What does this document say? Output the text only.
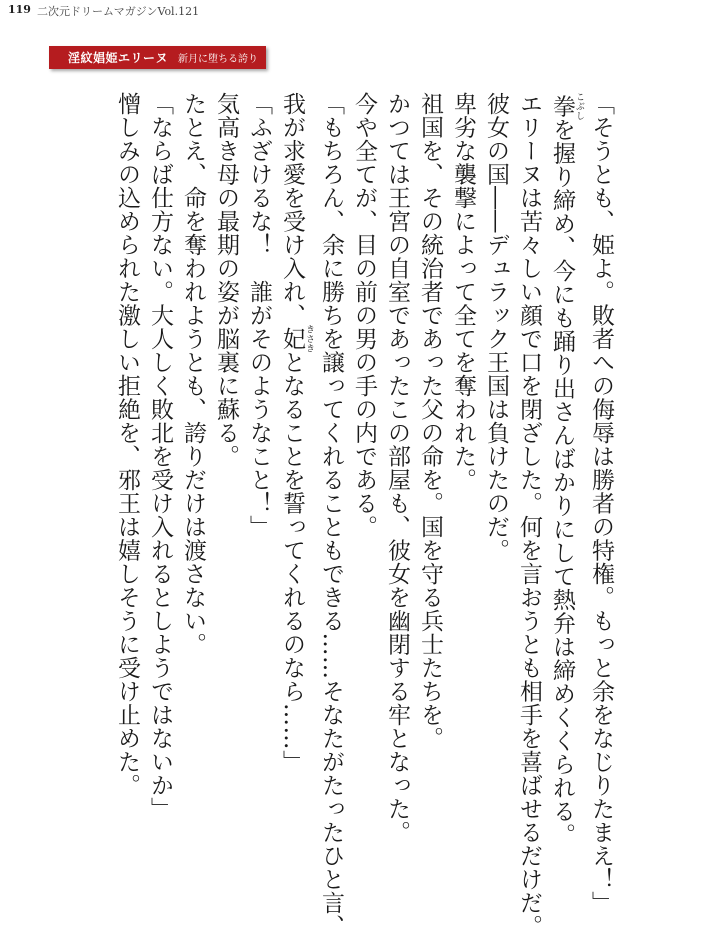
119 二次元ドリームマガジンVol.121
淫紋娼姫エリーヌ 新月に堕ちる誇り
「そうとも、姫よ。敗者への侮辱は勝者の特権。もっと余をなじりたまえ！」
拳 こぶしを握り締め、今にも踊り出さんばかりにして熱弁は締めくくられる。
エリーヌは苦々しい顔で口を閉ざした。何を言おうとも相手を喜ばせるだけだ。
彼女の国――デュラック王国は負けたのだ。
卑劣な襲撃によって全てを奪われた。
祖国を、その統治者であった父の命を。国を守る兵士たちを。
かつては王宮の自室であったこの部屋も、彼女を幽閉する牢となった。
今や全てが、目の前の男の手の内である。
「もちろん、余に勝ちを譲ってくれることもできる……そなたがたったひと言、
我が求愛を受け入れ、妃 きさきとなることを誓ってくれるのなら……」
「ふざけるな！　誰がそのようなこと！」
気高き母の最期の姿が脳裏に蘇る。
たとえ、命を奪われようとも、誇りだけは渡さない。
「ならば仕方ない。大人しく敗北を受け入れるとしようではないか」
憎しみの込められた激しい拒絶を、邪王は嬉しそうに受け止めた。
